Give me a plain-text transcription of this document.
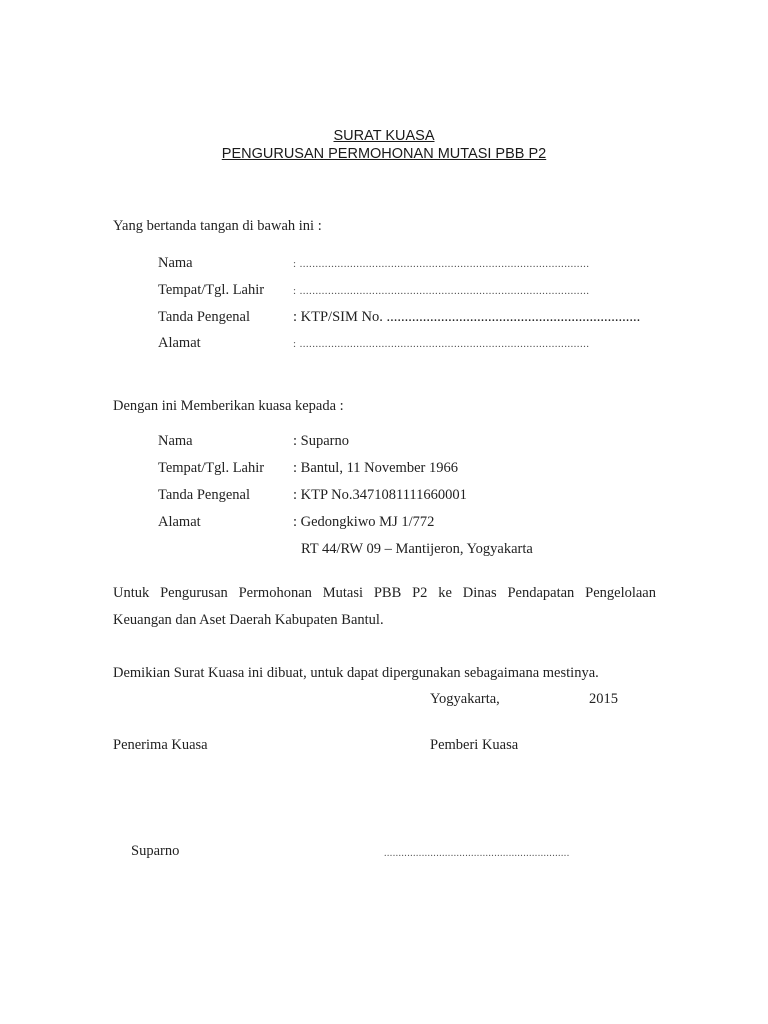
SURAT KUASA
PENGURUSAN PERMOHONAN MUTASI PBB P2
Yang bertanda tangan di bawah ini :
Nama	: ............................................................................................
Tempat/Tgl. Lahir	: ............................................................................................
Tanda Pengenal	: KTP/SIM No. ......................................................................
Alamat	: ............................................................................................
Dengan ini Memberikan kuasa kepada :
Nama	: Suparno
Tempat/Tgl. Lahir : Bantul, 11 November 1966
Tanda Pengenal	: KTP No.3471081111660001
Alamat	: Gedongkiwo MJ 1/772
RT 44/RW 09 – Mantijeron, Yogyakarta
Untuk Pengurusan Permohonan Mutasi PBB P2 ke Dinas Pendapatan Pengelolaan
Keuangan dan Aset Daerah Kabupaten Bantul.
Demikian Surat Kuasa ini dibuat, untuk dapat dipergunakan sebagaimana mestinya.
Yogyakarta,	2015
Penerima Kuasa	Pemberi Kuasa
Suparno	................................................................
